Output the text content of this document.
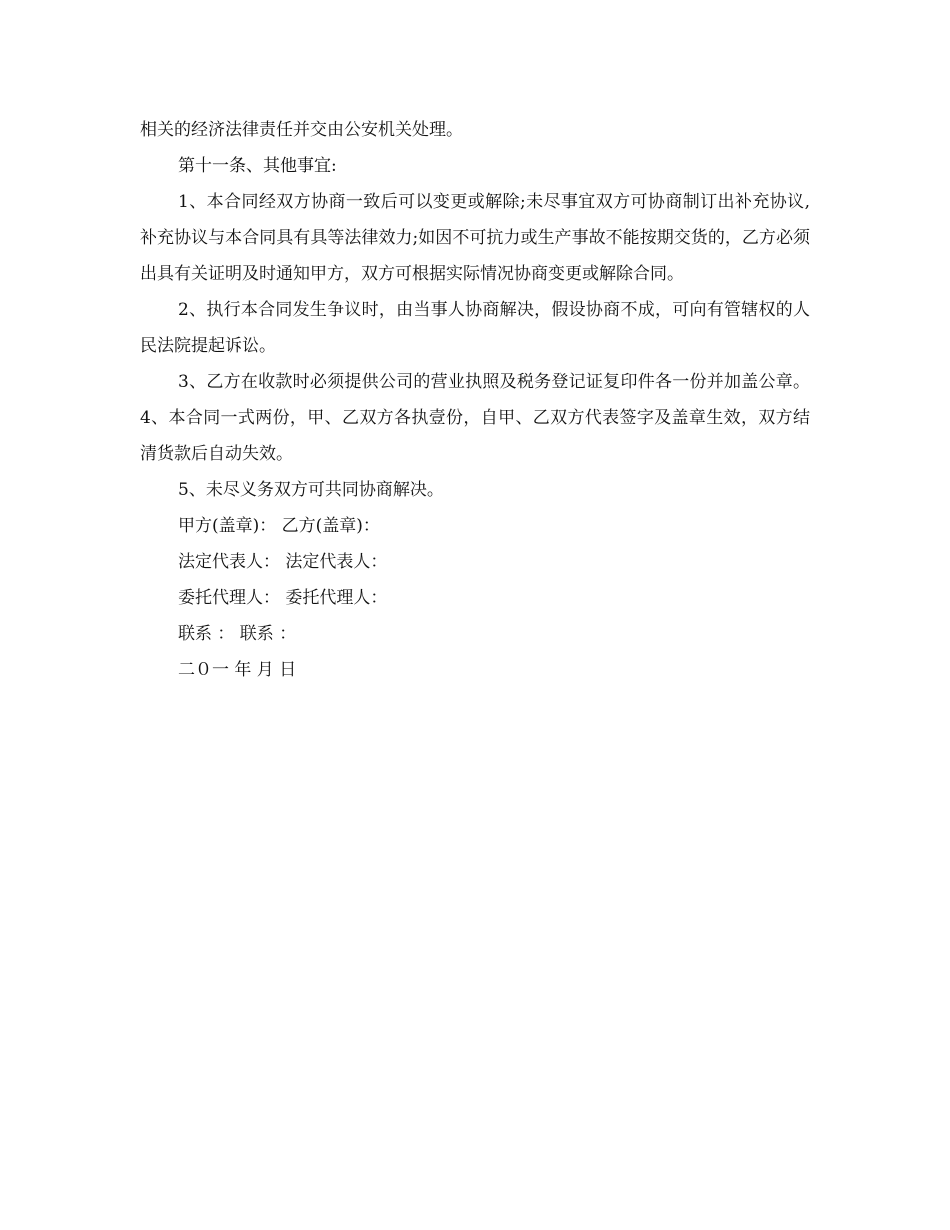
相关的经济法律责任并交由公安机关处理。

第十一条、其他事宜:

1、本合同经双方协商一致后可以变更或解除;未尽事宜双方可协商制订出补充协议,补充协议与本合同具有具等法律效力;如因不可抗力或生产事故不能按期交货的，乙方必须出具有关证明及时通知甲方，双方可根据实际情况协商变更或解除合同。

2、执行本合同发生争议时，由当事人协商解决，假设协商不成，可向有管辖权的人民法院提起诉讼。

3、乙方在收款时必须提供公司的营业执照及税务登记证复印件各一份并加盖公章。 4、本合同一式两份，甲、乙双方各执壹份，自甲、乙双方代表签字及盖章生效，双方结清货款后自动失效。

5、未尽义务双方可共同协商解决。

甲方(盖章)： 乙方(盖章)：

法定代表人： 法定代表人：

委托代理人： 委托代理人：

联系 ： 联系 ：

二０一 年 月 日
